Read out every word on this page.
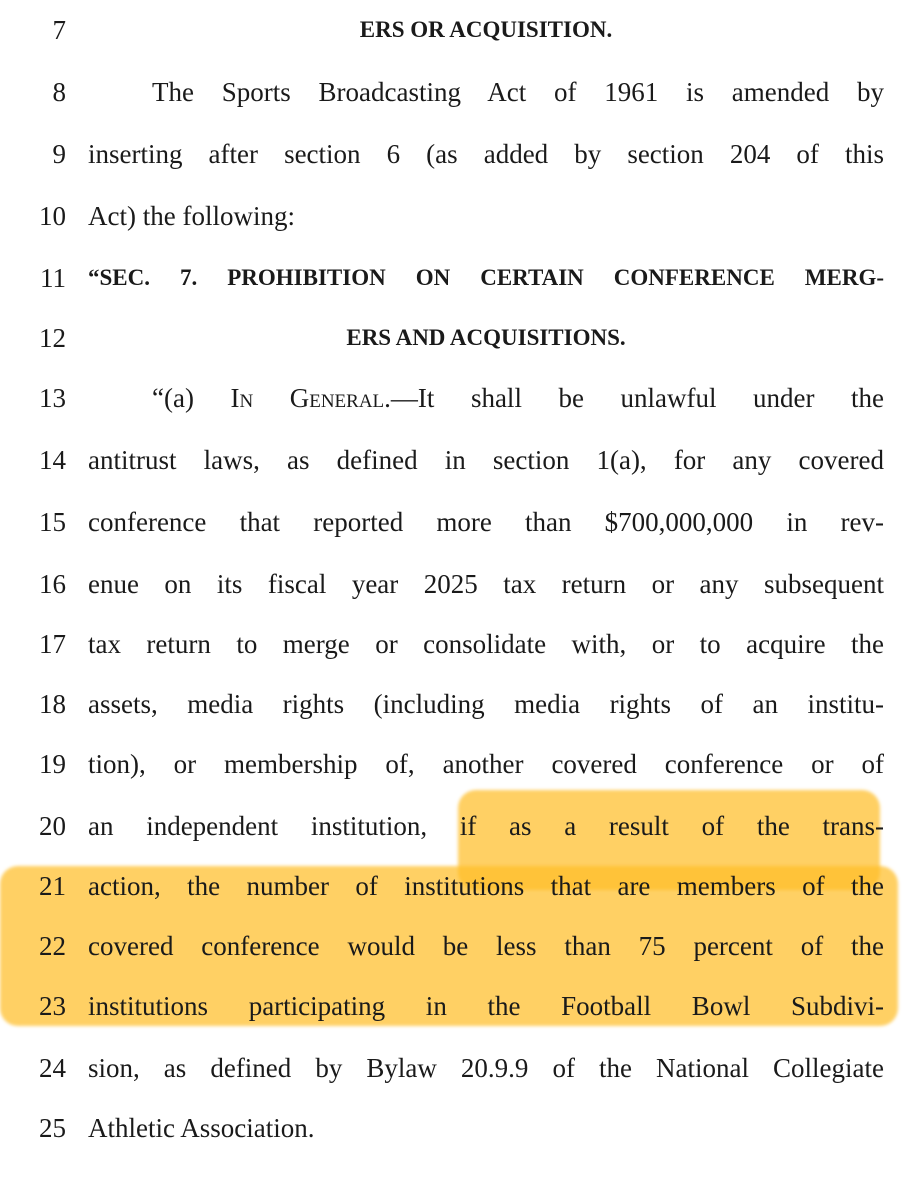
7	ERS OR ACQUISITION.
8	The Sports Broadcasting Act of 1961 is amended by
9 inserting after section 6 (as added by section 204 of this
10 Act) the following:
11 “SEC. 7. PROHIBITION ON CERTAIN CONFERENCE MERG-
12	ERS AND ACQUISITIONS.
13	“(a) In General.—It shall be unlawful under the
14 antitrust laws, as defined in section 1(a), for any covered
15 conference that reported more than $700,000,000 in rev-
16 enue on its fiscal year 2025 tax return or any subsequent
17 tax return to merge or consolidate with, or to acquire the
18 assets, media rights (including media rights of an institu-
19 tion), or membership of, another covered conference or of
20 an independent institution, if as a result of the trans-
21 action, the number of institutions that are members of the
22 covered conference would be less than 75 percent of the
23 institutions participating in the Football Bowl Subdivi-
24 sion, as defined by Bylaw 20.9.9 of the National Collegiate
25 Athletic Association.
